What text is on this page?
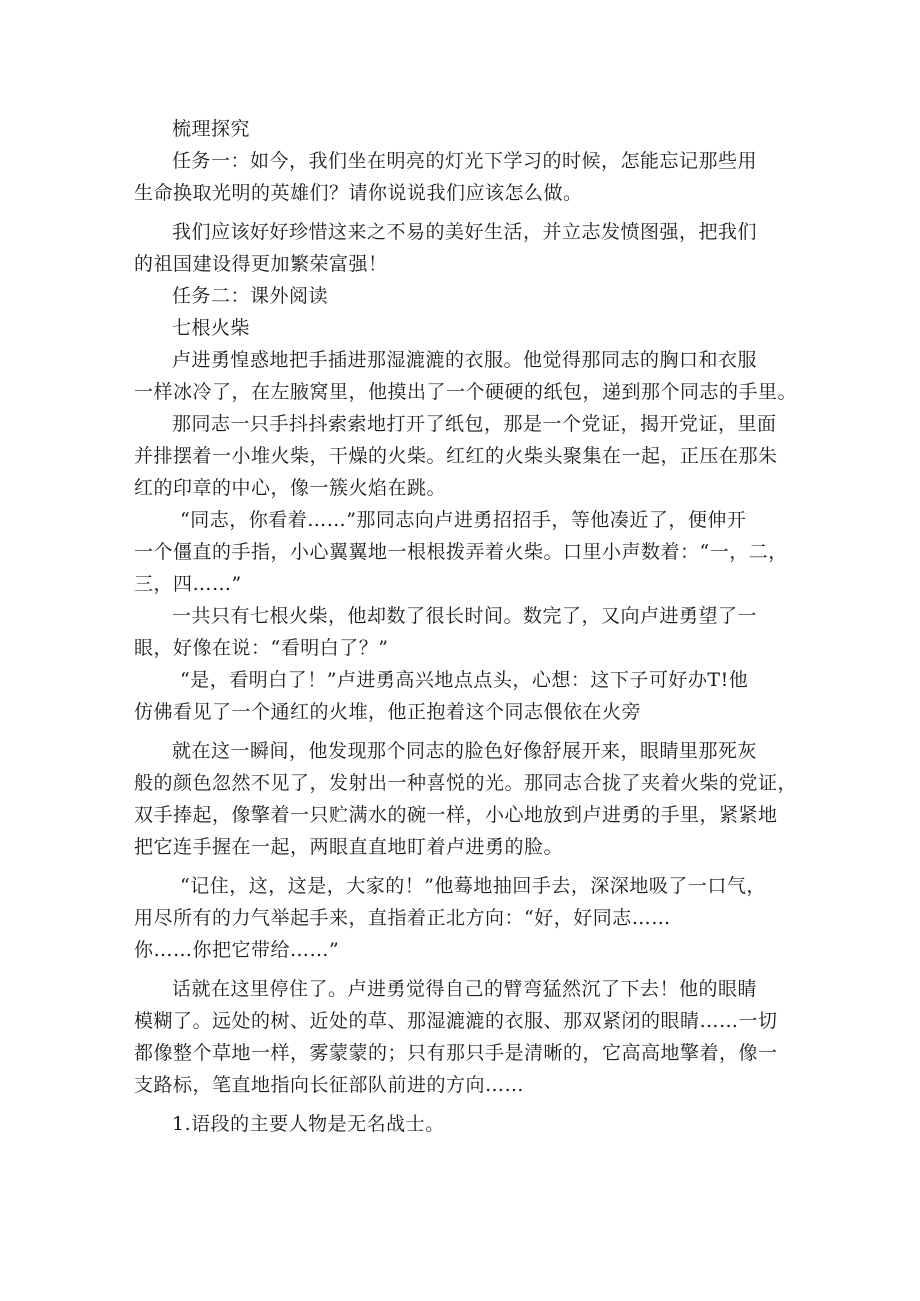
梳理探究
任务一：如今，我们坐在明亮的灯光下学习的时候，怎能忘记那些用
生命换取光明的英雄们？请你说说我们应该怎么做。
我们应该好好珍惜这来之不易的美好生活，并立志发愤图强，把我们
的祖国建设得更加繁荣富强！
任务二：课外阅读
七根火柴
卢进勇惶惑地把手插进那湿漉漉的衣服。他觉得那同志的胸口和衣服
一样冰冷了，在左腋窝里，他摸出了一个硬硬的纸包，递到那个同志的手里。
那同志一只手抖抖索索地打开了纸包，那是一个党证，揭开党证，里面
并排摆着一小堆火柴，干燥的火柴。红红的火柴头聚集在一起，正压在那朱
红的印章的中心，像一簇火焰在跳。
“同志，你看着……”那同志向卢进勇招招手，等他凑近了，便伸开
一个僵直的手指，小心翼翼地一根根拨弄着火柴。口里小声数着：“一，二，
三，四……”
一共只有七根火柴，他却数了很长时间。数完了，又向卢进勇望了一
眼，好像在说：“看明白了？”
“是，看明白了！”卢进勇高兴地点点头，心想：这下子可好办T!他
仿佛看见了一个通红的火堆，他正抱着这个同志偎依在火旁
就在这一瞬间，他发现那个同志的脸色好像舒展开来，眼睛里那死灰
般的颜色忽然不见了，发射出一种喜悦的光。那同志合拢了夹着火柴的党证，
双手捧起，像擎着一只贮满水的碗一样，小心地放到卢进勇的手里，紧紧地
把它连手握在一起，两眼直直地盯着卢进勇的脸。
“记住，这，这是，大家的！”他蓦地抽回手去，深深地吸了一口气，
用尽所有的力气举起手来，直指着正北方向：“好，好同志……
你……你把它带给……”
话就在这里停住了。卢进勇觉得自己的臂弯猛然沉了下去！他的眼睛
模糊了。远处的树、近处的草、那湿漉漉的衣服、那双紧闭的眼睛……一切
都像整个草地一样，雾蒙蒙的；只有那只手是清晰的，它高高地擎着，像一
支路标，笔直地指向长征部队前进的方向……
1.语段的主要人物是无名战士。
